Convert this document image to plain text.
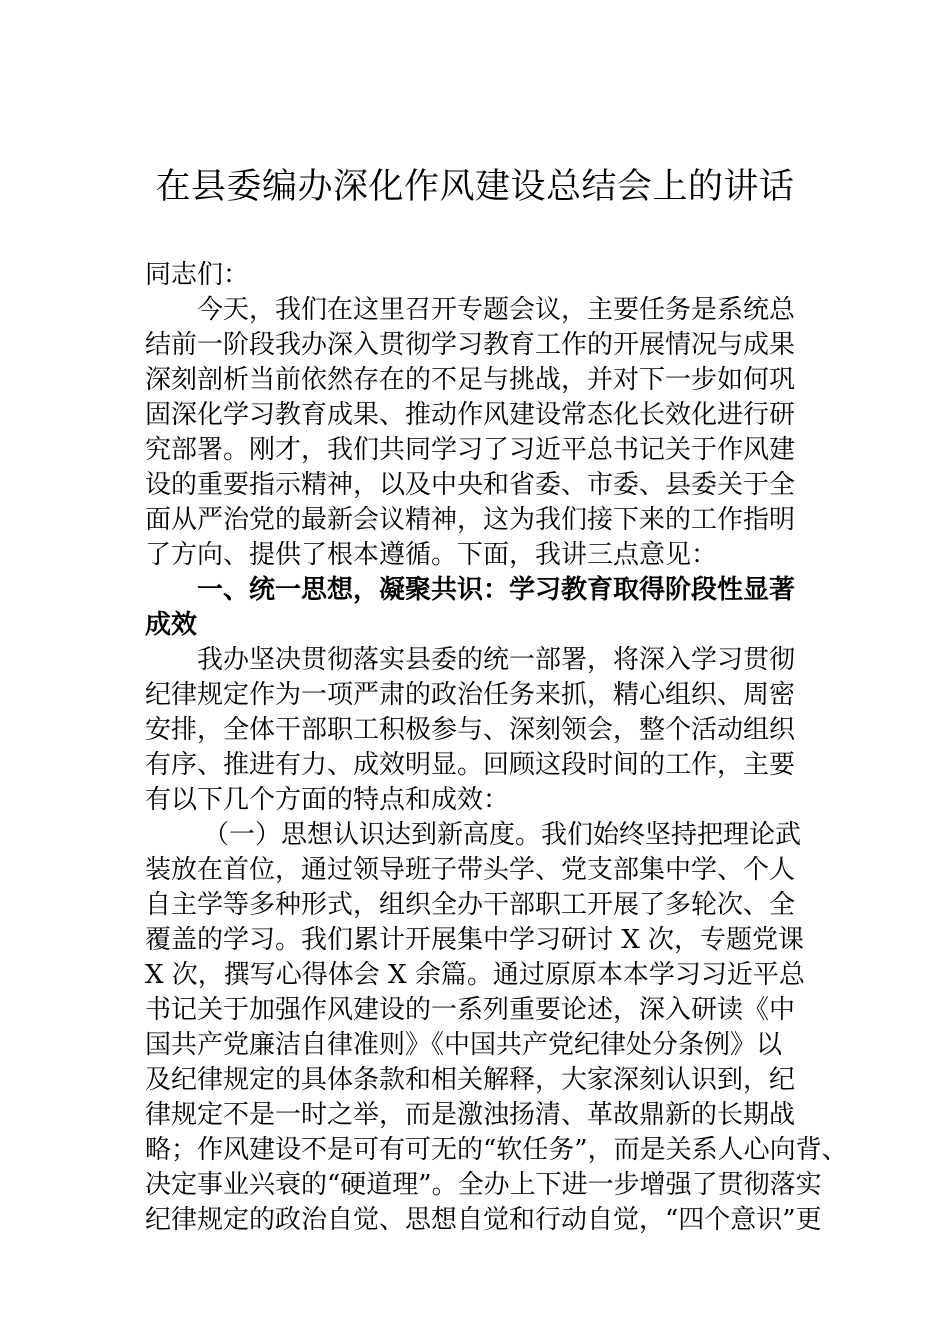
在县委编办深化作风建设总结会上的讲话
同志们：
今天，我们在这里召开专题会议，主要任务是系统总
结前一阶段我办深入贯彻学习教育工作的开展情况与成果
深刻剖析当前依然存在的不足与挑战，并对下一步如何巩
固深化学习教育成果、推动作风建设常态化长效化进行研
究部署。刚才，我们共同学习了习近平总书记关于作风建
设的重要指示精神，以及中央和省委、市委、县委关于全
面从严治党的最新会议精神，这为我们接下来的工作指明
了方向、提供了根本遵循。下面，我讲三点意见：
一、统一思想，凝聚共识：学习教育取得阶段性显著
成效
我办坚决贯彻落实县委的统一部署，将深入学习贯彻
纪律规定作为一项严肃的政治任务来抓，精心组织、周密
安排，全体干部职工积极参与、深刻领会，整个活动组织
有序、推进有力、成效明显。回顾这段时间的工作，主要
有以下几个方面的特点和成效：
（一）思想认识达到新高度。我们始终坚持把理论武
装放在首位，通过领导班子带头学、党支部集中学、个人
自主学等多种形式，组织全办干部职工开展了多轮次、全
覆盖的学习。我们累计开展集中学习研讨 X 次，专题党课
X 次，撰写心得体会 X 余篇。通过原原本本学习习近平总
书记关于加强作风建设的一系列重要论述，深入研读《中
国共产党廉洁自律准则》《中国共产党纪律处分条例》以
及纪律规定的具体条款和相关解释，大家深刻认识到，纪
律规定不是一时之举，而是激浊扬清、革故鼎新的长期战
略；作风建设不是可有可无的“软任务”，而是关系人心向背、
决定事业兴衰的“硬道理”。全办上下进一步增强了贯彻落实
纪律规定的政治自觉、思想自觉和行动自觉，“四个意识”更
